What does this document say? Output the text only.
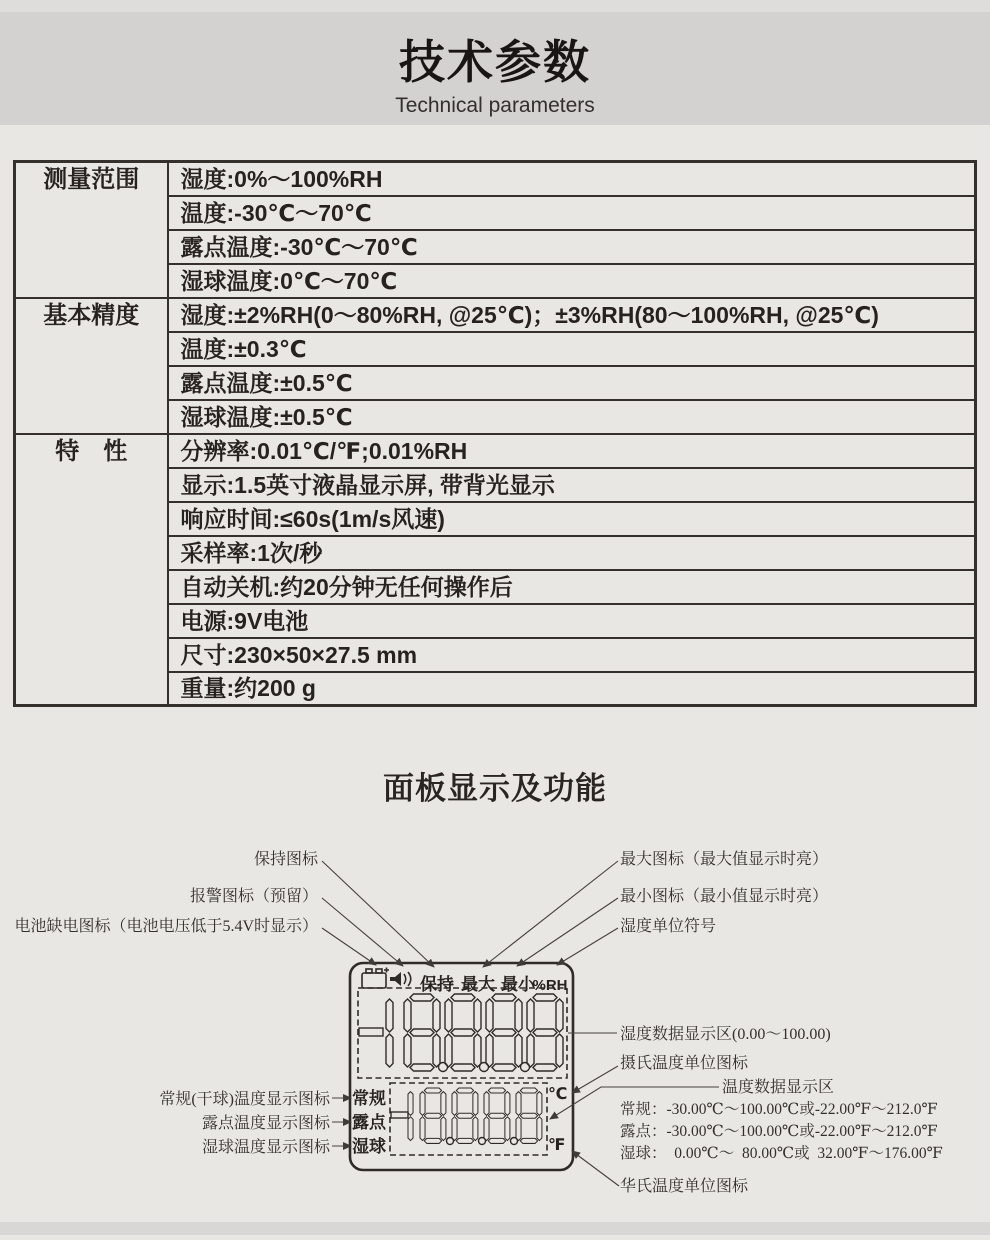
技术参数
Technical parameters
测量范围	湿度:0%～100%RH
	温度:-30℃～70℃
	露点温度:-30℃～70℃
	湿球温度:0℃～70℃
基本精度	湿度:±2%RH(0～80%RH, @25℃)；±3%RH(80～100%RH, @25℃)
	温度:±0.3℃
	露点温度:±0.5℃
	湿球温度:±0.5℃
特　性	分辨率:0.01℃/℉;0.01%RH
	显示:1.5英寸液晶显示屏, 带背光显示
	响应时间:≤60s(1m/s风速)
	采样率:1次/秒
	自动关机:约20分钟无任何操作后
	电源:9V电池
	尺寸:230×50×27.5 mm
	重量:约200 g
面板显示及功能
保持 最大 最小
%RH
常规
露点
湿球
℃
℉
保持图标
报警图标（预留）
电池缺电图标（电池电压低于5.4V时显示）
最大图标（最大值显示时亮）
最小图标（最小值显示时亮）
湿度单位符号
湿度数据显示区(0.00～100.00)
摄氏温度单位图标
温度数据显示区
常规：-30.00℃～100.00℃或-22.00℉～212.0℉
露点：-30.00℃～100.00℃或-22.00℉～212.0℉
湿球：  0.00℃～  80.00℃或  32.00℉～176.00℉
华氏温度单位图标
常规(干球)温度显示图标
露点温度显示图标
湿球温度显示图标
